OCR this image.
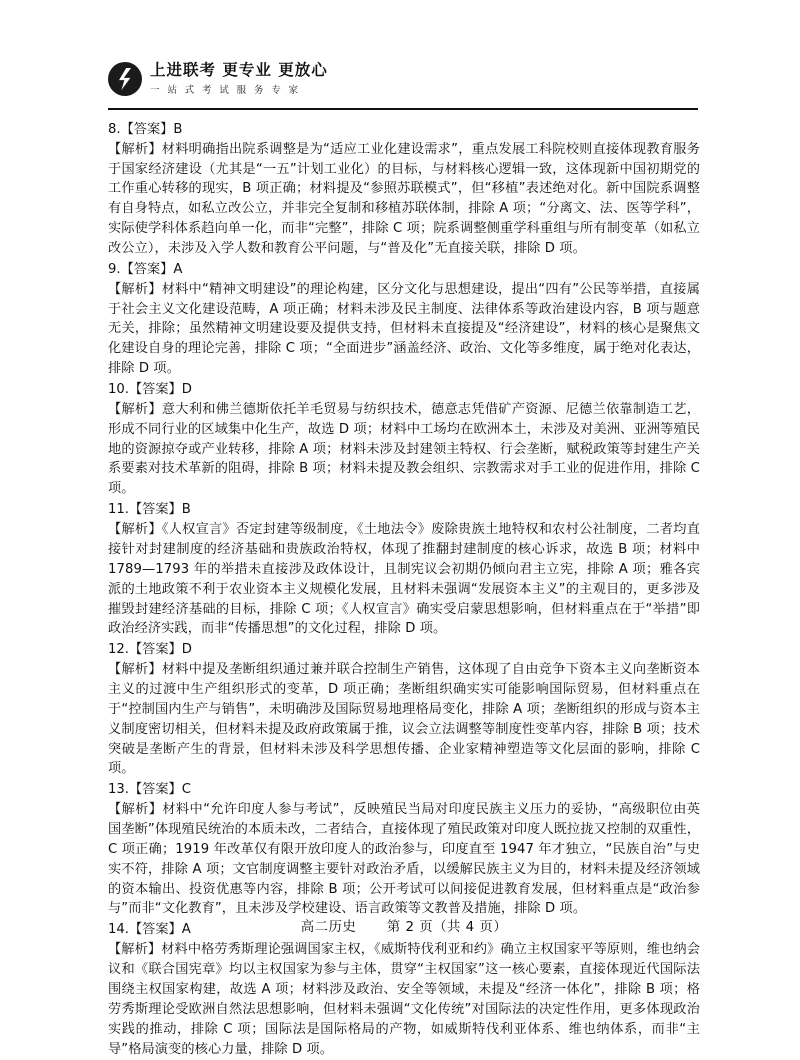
上进联考 更专业 更放心
一 站 式 考 试 服 务 专 家
8.【答案】B
【解析】材料明确指出院系调整是为“适应工业化建设需求”，重点发展工科院校则直接体现教育服务于国家经济建设（尤其是“一五”计划工业化）的目标，与材料核心逻辑一致，这体现新中国初期党的工作重心转移的现实，B 项正确；材料提及“参照苏联模式”，但“移植”表述绝对化。新中国院系调整有自身特点，如私立改公立，并非完全复制和移植苏联体制，排除 A 项；“分离文、法、医等学科”，实际使学科体系趋向单一化，而非“完整”，排除 C 项；院系调整侧重学科重组与所有制变革（如私立改公立），未涉及入学人数和教育公平问题，与“普及化”无直接关联，排除 D 项。
9.【答案】A
【解析】材料中“精神文明建设”的理论构建，区分文化与思想建设，提出“四有”公民等举措，直接属于社会主义文化建设范畴，A 项正确；材料未涉及民主制度、法律体系等政治建设内容，B 项与题意无关，排除；虽然精神文明建设要及提供支持，但材料未直接提及“经济建设”，材料的核心是聚焦文化建设自身的理论完善，排除 C 项；“全面进步”涵盖经济、政治、文化等多维度，属于绝对化表达，排除 D 项。
10.【答案】D
【解析】意大利和佛兰德斯依托羊毛贸易与纺织技术，德意志凭借矿产资源、尼德兰依靠制造工艺，形成不同行业的区域集中化生产，故选 D 项；材料中工场均在欧洲本土，未涉及对美洲、亚洲等殖民地的资源掠夺或产业转移，排除 A 项；材料未涉及封建领主特权、行会垄断，赋税政策等封建生产关系要素对技术革新的阻碍，排除 B 项；材料未提及教会组织、宗教需求对手工业的促进作用，排除 C 项。
11.【答案】B
【解析】《人权宣言》否定封建等级制度，《土地法令》废除贵族土地特权和农村公社制度，二者均直接针对封建制度的经济基础和贵族政治特权，体现了推翻封建制度的核心诉求，故选 B 项；材料中 1789—1793 年的举措未直接涉及政体设计，且制宪议会初期仍倾向君主立宪，排除 A 项；雅各宾派的土地政策不利于农业资本主义规模化发展，且材料未强调“发展资本主义”的主观目的，更多涉及摧毁封建经济基础的目标，排除 C 项；《人权宣言》确实受启蒙思想影响，但材料重点在于“举措”即政治经济实践，而非“传播思想”的文化过程，排除 D 项。
12.【答案】D
【解析】材料中提及垄断组织通过兼并联合控制生产销售，这体现了自由竞争下资本主义向垄断资本主义的过渡中生产组织形式的变革，D 项正确；垄断组织确实实可能影响国际贸易，但材料重点在于“控制国内生产与销售”，未明确涉及国际贸易地理格局变化，排除 A 项；垄断组织的形成与资本主义制度密切相关，但材料未提及政府政策属于推，议会立法调整等制度性变革内容，排除 B 项；技术突破是垄断产生的背景，但材料未涉及科学思想传播、企业家精神塑造等文化层面的影响，排除 C 项。
13.【答案】C
【解析】材料中“允许印度人参与考试”，反映殖民当局对印度民族主义压力的妥协，“高级职位由英国垄断”体现殖民统治的本质未改，二者结合，直接体现了殖民政策对印度人既拉拢又控制的双重性，C 项正确；1919 年改革仅有限开放印度人的政治参与，印度直至 1947 年才独立，“民族自治”与史实不符，排除 A 项；文官制度调整主要针对政治矛盾，以缓解民族主义为目的，材料未提及经济领域的资本输出、投资优惠等内容，排除 B 项；公开考试可以间接促进教育发展，但材料重点是“政治参与”而非“文化教育”，且未涉及学校建设、语言政策等文教普及措施，排除 D 项。
14.【答案】A
【解析】材料中格劳秀斯理论强调国家主权，《威斯特伐利亚和约》确立主权国家平等原则，维也纳会议和《联合国宪章》均以主权国家为参与主体，贯穿“主权国家”这一核心要素，直接体现近代国际法围绕主权国家构建，故选 A 项；材料涉及政治、安全等领域，未提及“经济一体化”，排除 B 项；格劳秀斯理论受欧洲自然法思想影响，但材料未强调“文化传统”对国际法的决定性作用，更多体现政治实践的推动，排除 C 项；国际法是国际格局的产物，如威斯特伐利亚体系、维也纳体系，而非“主导”格局演变的核心力量，排除 D 项。
高二历史 第 2 页（共 4 页）
